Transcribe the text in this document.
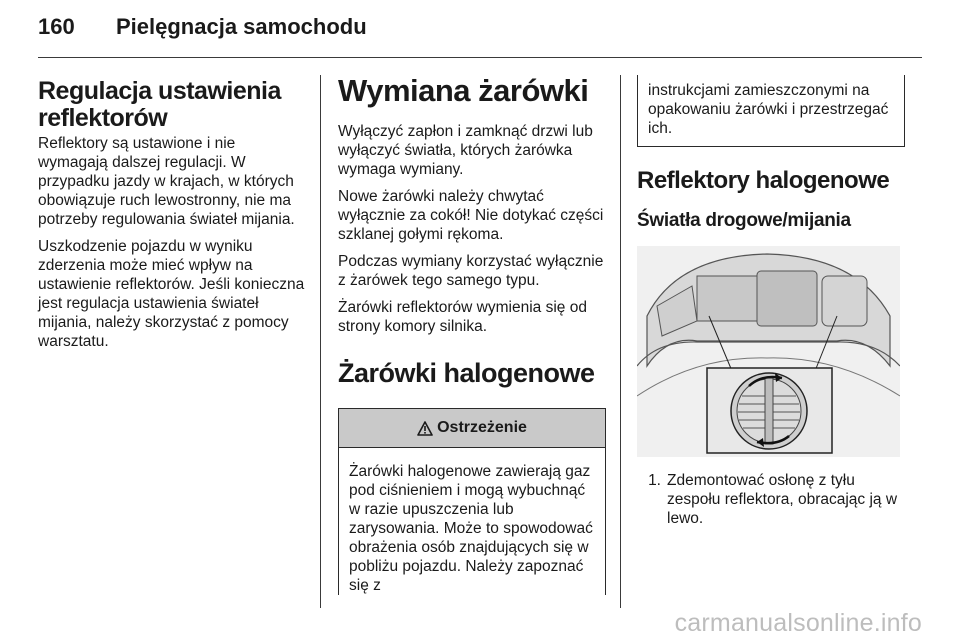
160	Pielęgnacja samochodu
Regulacja ustawienia reflektorów

Reflektory są ustawione i nie wymagają dalszej regulacji. W przypadku jazdy w krajach, w których obowiązuje ruch lewostronny, nie ma potrzeby regulowania świateł mijania.

Uszkodzenie pojazdu w wyniku zderzenia może mieć wpływ na ustawienie reflektorów. Jeśli konieczna jest regulacja ustawienia świateł mijania, należy skorzystać z pomocy warsztatu.

Wymiana żarówki

Wyłączyć zapłon i zamknąć drzwi lub wyłączyć światła, których żarówka wymaga wymiany.

Nowe żarówki należy chwytać wyłącznie za cokół! Nie dotykać części szklanej gołymi rękoma.

Podczas wymiany korzystać wyłącznie z żarówek tego samego typu.

Żarówki reflektorów wymienia się od strony komory silnika.

Żarówki halogenowe
Ostrzeżenie

Żarówki halogenowe zawierają gaz pod ciśnieniem i mogą wybuchnąć w razie upuszczenia lub zarysowania. Może to spowodować obrażenia osób znajdujących się w pobliżu pojazdu. Należy zapoznać się z

instrukcjami zamieszczonymi na opakowaniu żarówki i przestrzegać ich.

Reflektory halogenowe
Światła drogowe/mijania
1. Zdemontować osłonę z tyłu zespołu reflektora, obracając ją w lewo.
carmanualsonline.info
